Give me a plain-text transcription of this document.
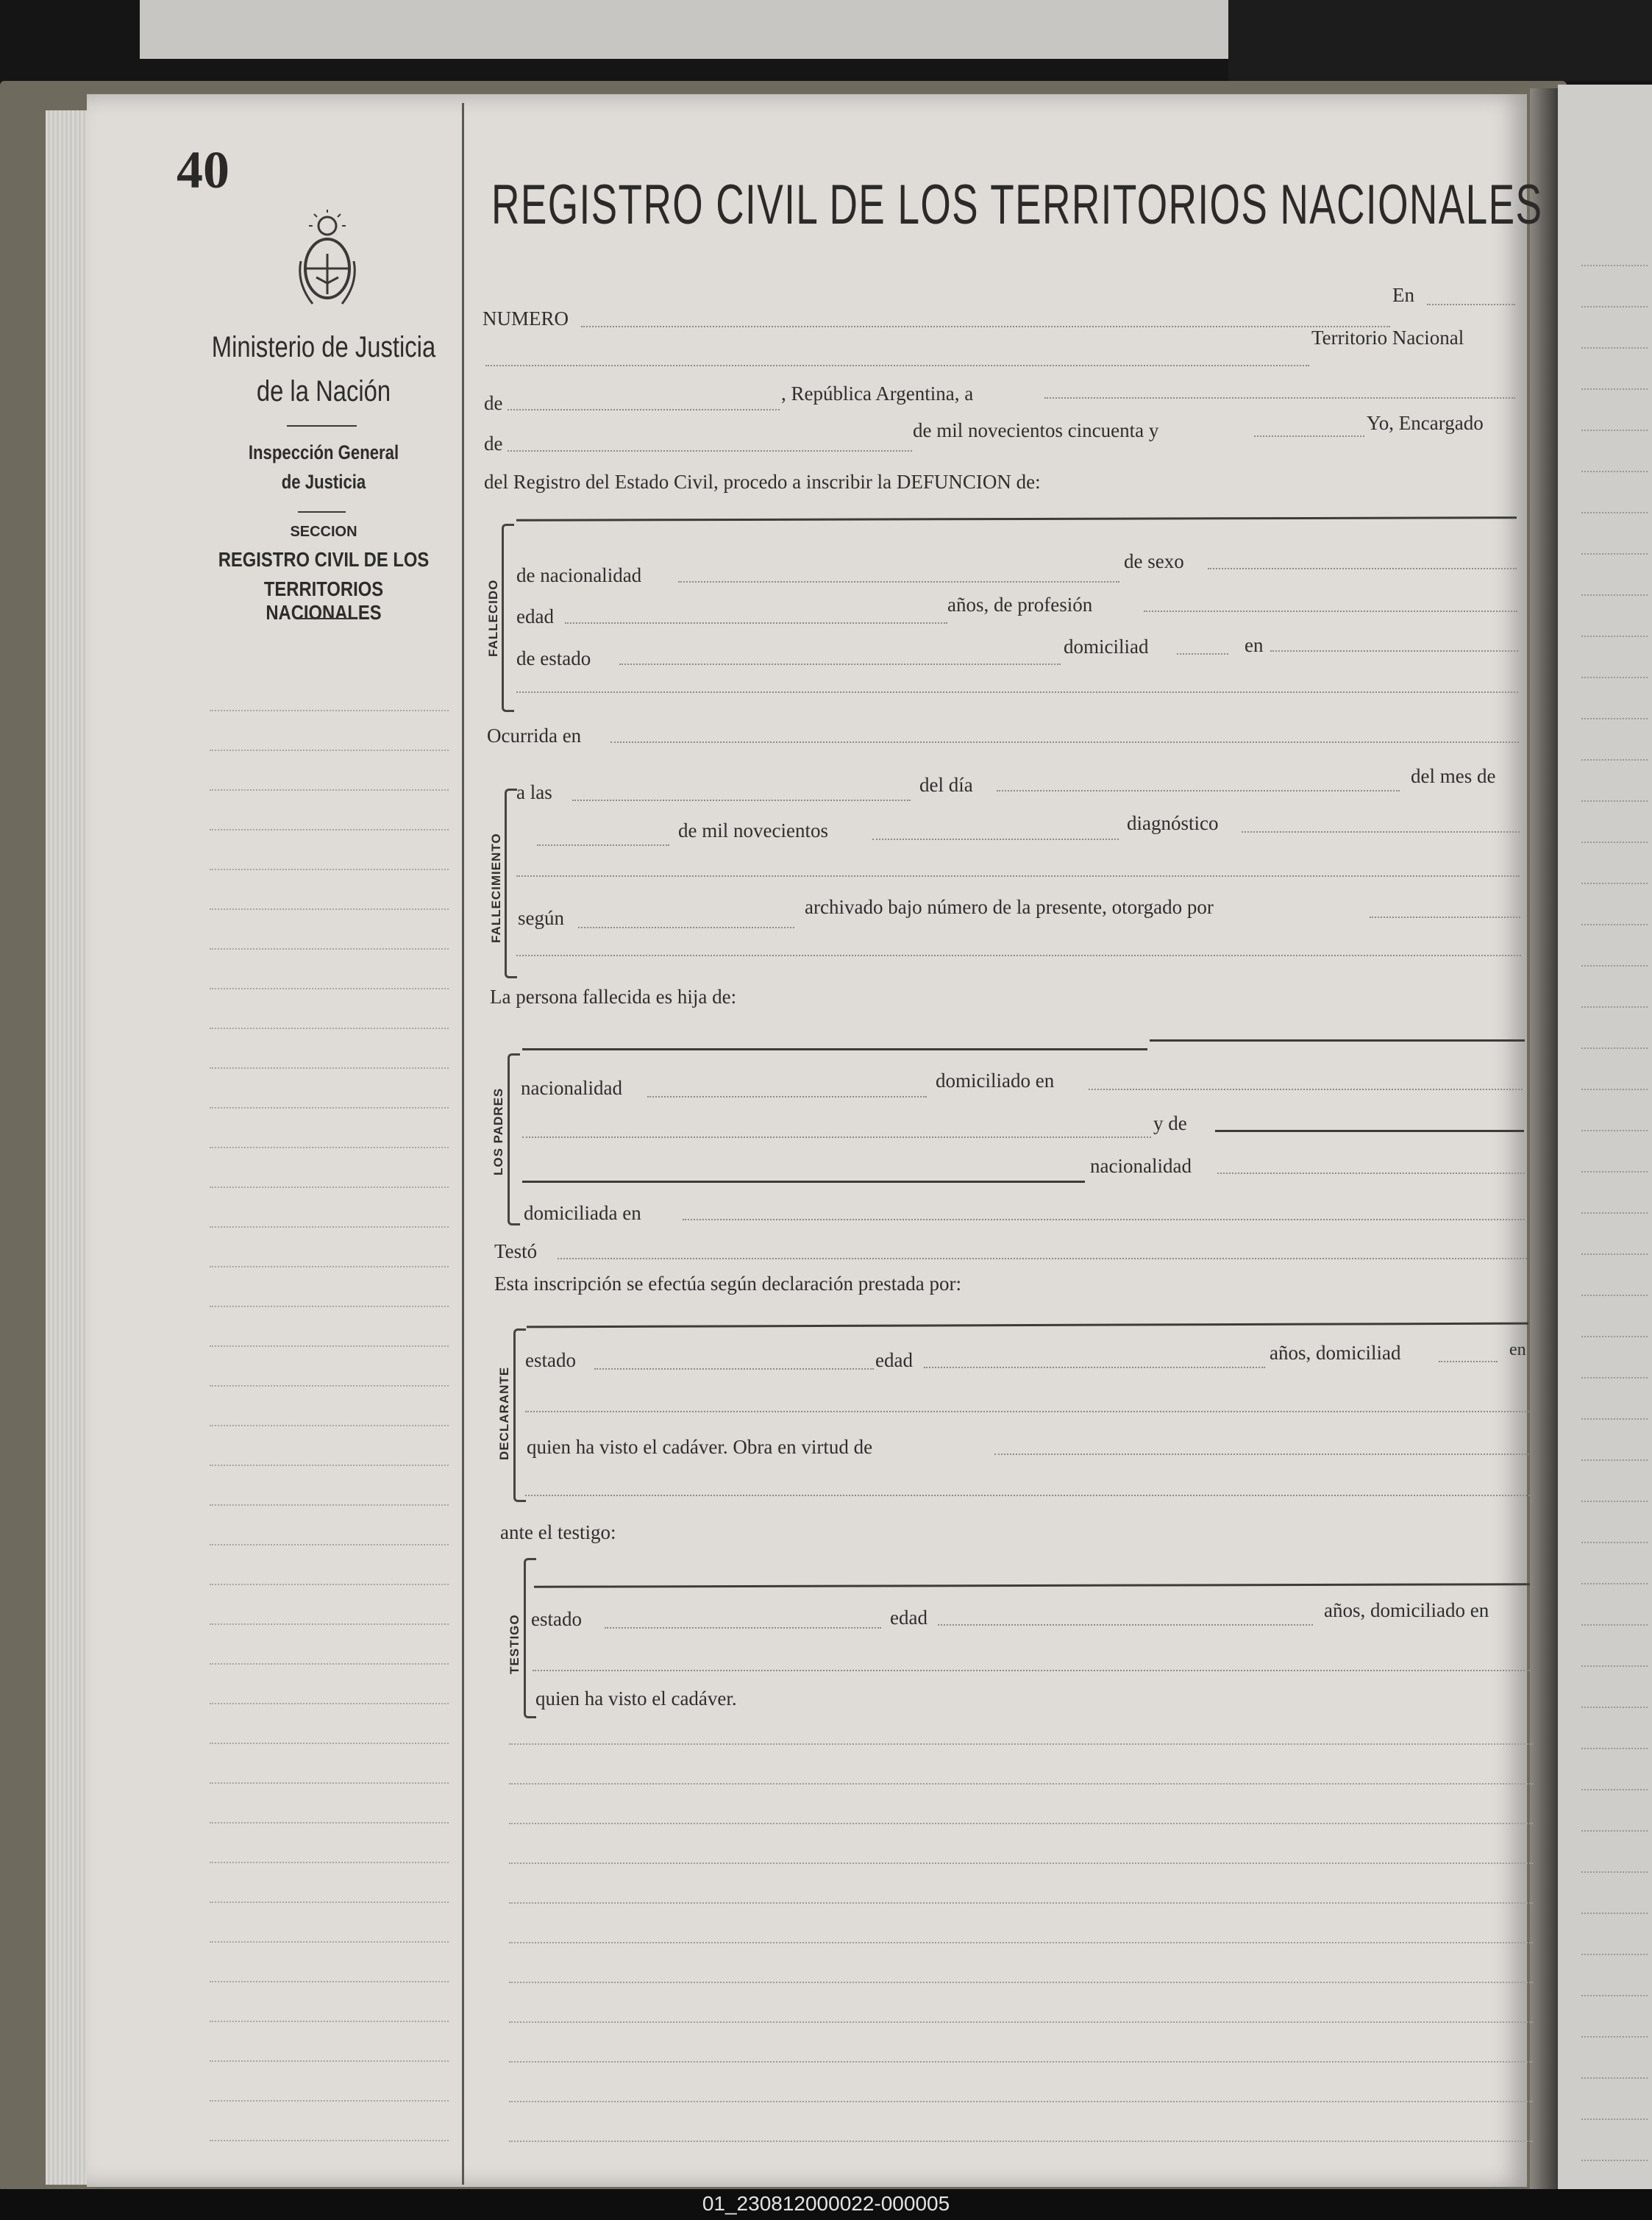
40
Ministerio de Justicia
de la Nación
Inspección General
de Justicia
SECCION
REGISTRO CIVIL DE LOS
TERRITORIOS NACIONALES
REGISTRO CIVIL DE LOS TERRITORIOS NACIONALES
NUMERO
En
Territorio Nacional
de	, República Argentina, a
de
de mil novecientos cincuenta y	Yo, Encargado
del Registro del Estado Civil, procedo a inscribir la DEFUNCION de:
FALLECIDO
de nacionalidad
de sexo
edad
años, de profesión
de estado
domiciliad	en
Ocurrida en
FALLECIMIENTO
a las	del día	del mes de
de mil novecientos	diagnóstico
según	archivado bajo número de la presente, otorgado por
La persona fallecida es hija de:
LOS PADRES nacionalidad	domiciliado en
y de
nacionalidad
domiciliada en
Testó
Esta inscripción se efectúa según declaración prestada por:
DECLARANTE
estado	edad	años, domiciliad	en
quien ha visto el cadáver. Obra en virtud de
ante el testigo:
TESTIGO estado	edad	años, domiciliado en
quien ha visto el cadáver.
01_230812000022-000005
